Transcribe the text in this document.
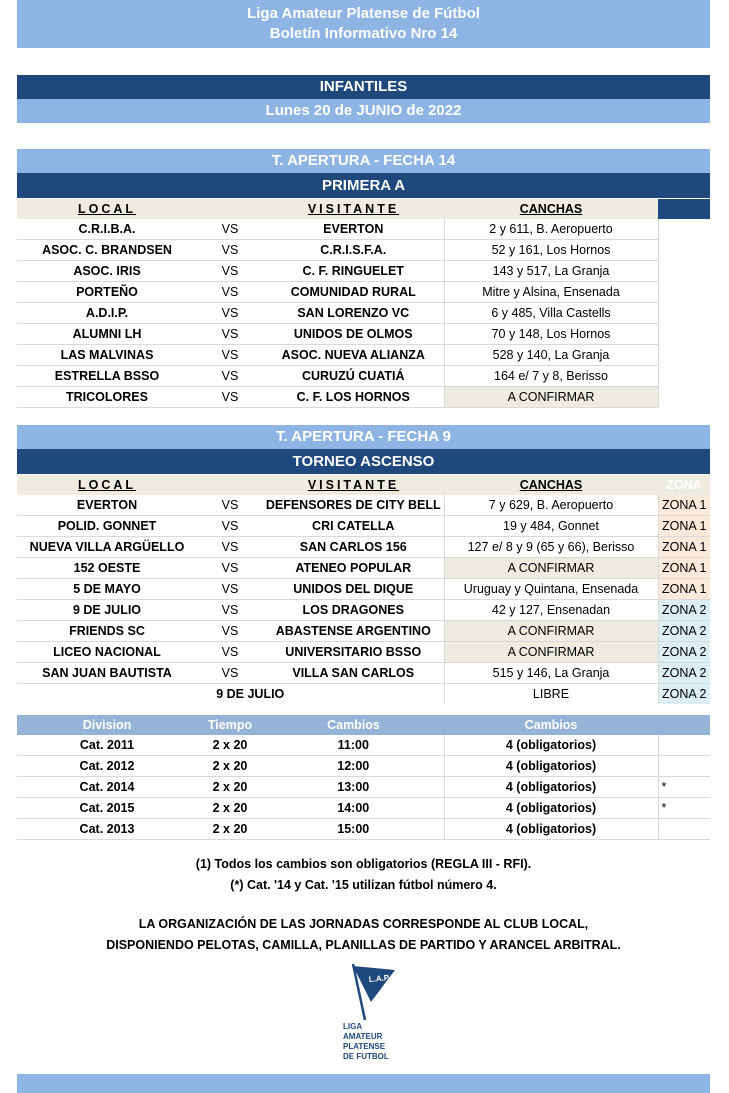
Liga Amateur Platense de Fútbol
Boletín Informativo Nro 14
INFANTILES
Lunes 20 de JUNIO de 2022
T. APERTURA - FECHA 14
PRIMERA A
LOCAL		VISITANTE	CANCHAS	
C.R.I.B.A.	VS	EVERTON	2 y 611, B. Aeropuerto	
ASOC. C. BRANDSEN	VS	C.R.I.S.F.A.	52 y 161, Los Hornos	
ASOC. IRIS	VS	C. F. RINGUELET	143 y 517, La Granja	
PORTEÑO	VS	COMUNIDAD RURAL	Mitre y Alsina, Ensenada	
A.D.I.P.	VS	SAN LORENZO VC	6 y 485, Villa Castells	
ALUMNI LH	VS	UNIDOS DE OLMOS	70 y 148, Los Hornos	
LAS MALVINAS	VS	ASOC. NUEVA ALIANZA	528 y 140, La Granja	
ESTRELLA BSSO	VS	CURUZÚ CUATIÁ	164 e/ 7 y 8, Berisso	
TRICOLORES	VS	C. F. LOS HORNOS	A CONFIRMAR	
T. APERTURA - FECHA 9
TORNEO ASCENSO
LOCAL		VISITANTE	CANCHAS	ZONA
EVERTON	VS	DEFENSORES DE CITY BELL	7 y 629, B. Aeropuerto	ZONA 1
POLID. GONNET	VS	CRI CATELLA	19 y 484, Gonnet	ZONA 1
NUEVA VILLA ARGÜELLO	VS	SAN CARLOS 156	127 e/ 8 y 9 (65 y 66), Berisso	ZONA 1
152 OESTE	VS	ATENEO POPULAR	A CONFIRMAR	ZONA 1
5 DE MAYO	VS	UNIDOS DEL DIQUE	Uruguay y Quintana, Ensenada	ZONA 1
9 DE JULIO	VS	LOS DRAGONES	42 y 127, Ensenadan	ZONA 2
FRIENDS SC	VS	ABASTENSE ARGENTINO	A CONFIRMAR	ZONA 2
LICEO NACIONAL	VS	UNIVERSITARIO BSSO	A CONFIRMAR	ZONA 2
SAN JUAN BAUTISTA	VS	VILLA SAN CARLOS	515 y 146, La Granja	ZONA 2
9 DE JULIO			LIBRE	ZONA 2
Division	Tiempo	Cambios	Cambios	
Cat. 2011	2 x 20	11:00	4 (obligatorios)	
Cat. 2012	2 x 20	12:00	4 (obligatorios)	
Cat. 2014	2 x 20	13:00	4 (obligatorios)	*
Cat. 2015	2 x 20	14:00	4 (obligatorios)	*
Cat. 2013	2 x 20	15:00	4 (obligatorios)	
(1) Todos los cambios son obligatorios (REGLA III - RFI).
(*) Cat. '14 y Cat. '15 utilizan fútbol número 4.
LA ORGANIZACIÓN DE LAS JORNADAS CORRESPONDE AL CLUB LOCAL,
DISPONIENDO PELOTAS, CAMILLA, PLANILLAS DE PARTIDO Y ARANCEL ARBITRAL.
L.A.P.
LIGA
AMATEUR
PLATENSE
DE FUTBOL
